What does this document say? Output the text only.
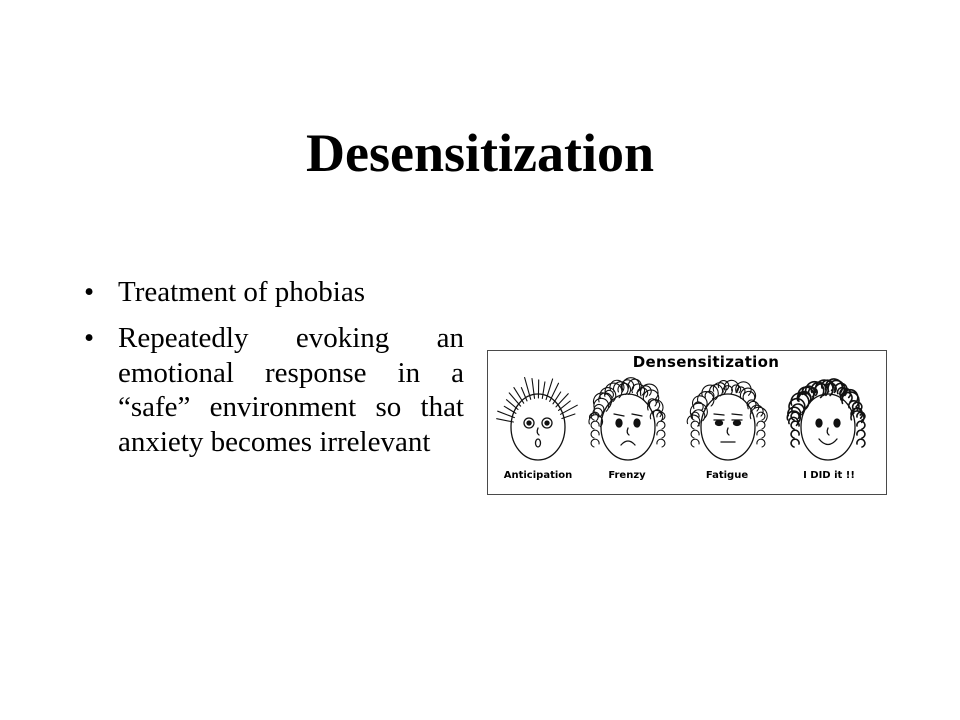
Desensitization
• Treatment of phobias
• Repeatedly evoking an emotional response in a “safe” environment so that anxiety becomes irrelevant
Densensitization
Anticipation	Frenzy	Fatigue	I DID it !!
